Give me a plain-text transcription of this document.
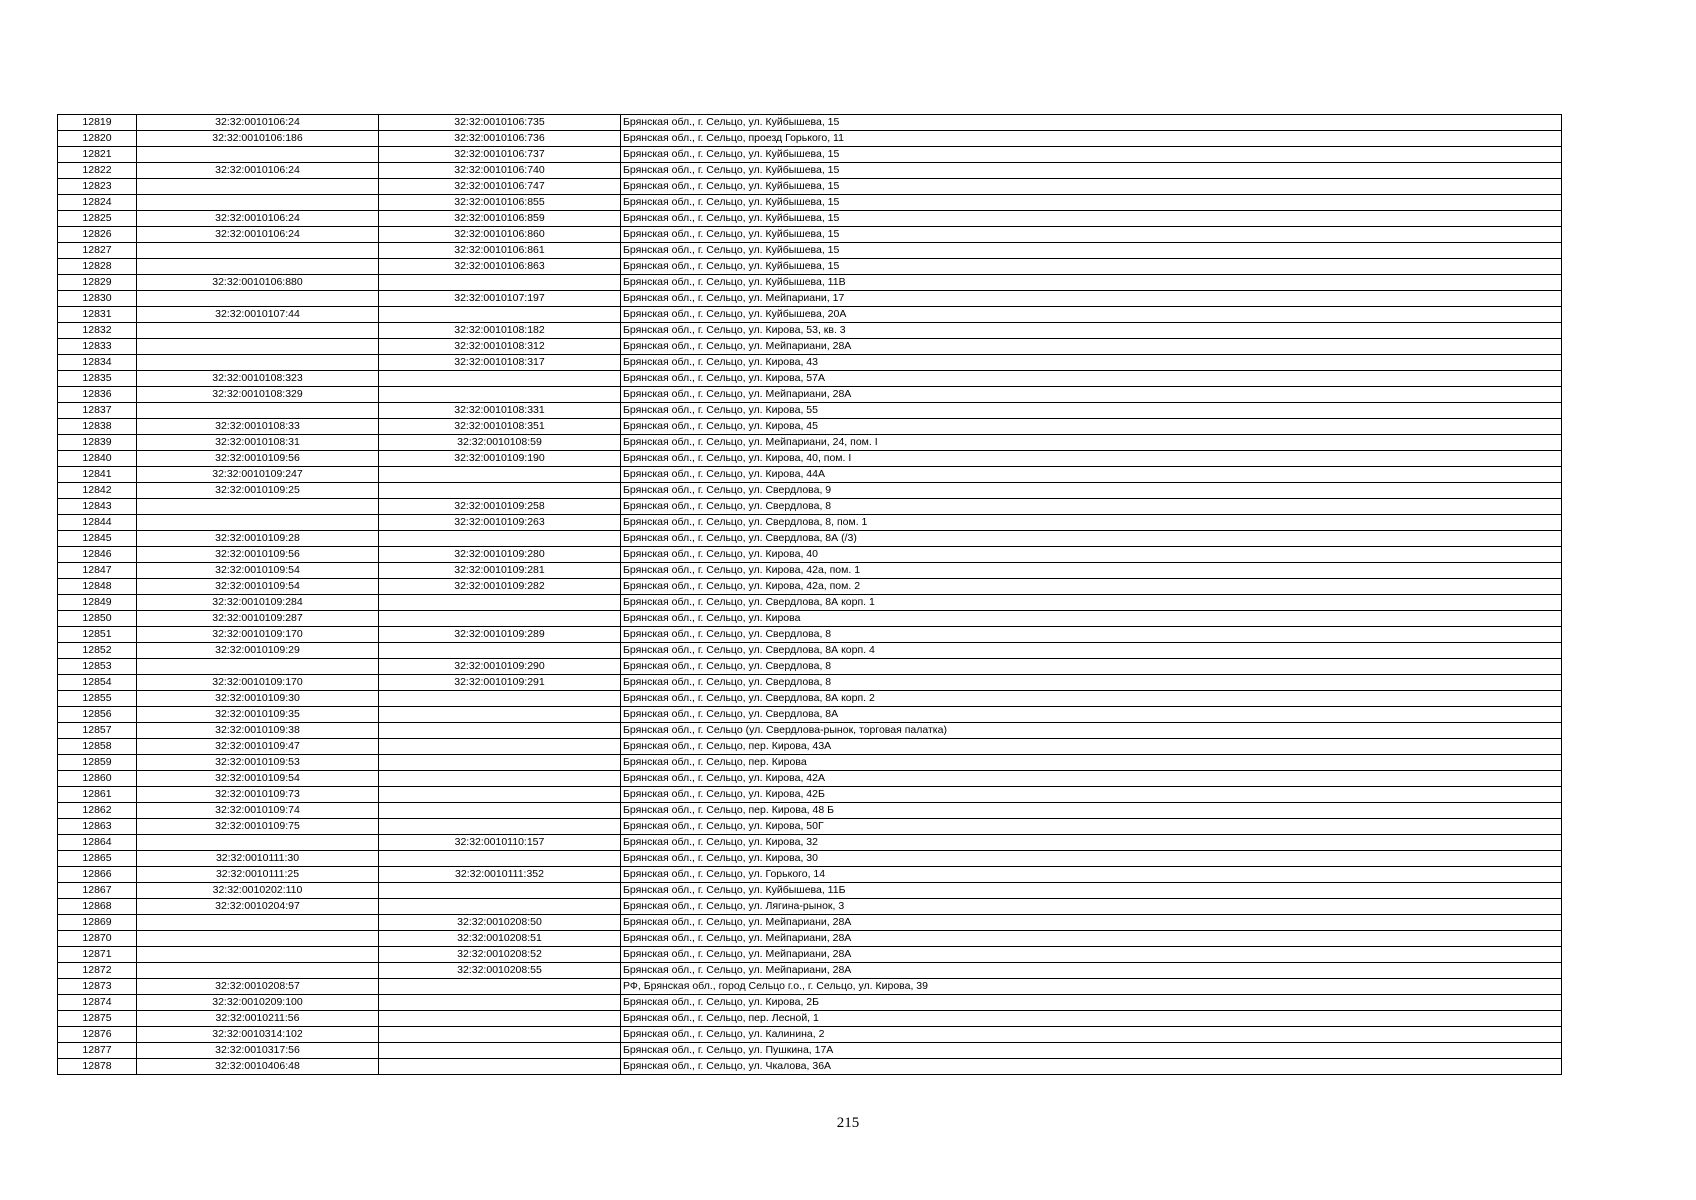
12819	32:32:0010106:24	32:32:0010106:735	Брянская обл., г. Сельцо, ул. Куйбышева, 15
12820	32:32:0010106:186	32:32:0010106:736	Брянская обл., г. Сельцо, проезд Горького, 11
12821		32:32:0010106:737	Брянская обл., г. Сельцо, ул. Куйбышева, 15
12822	32:32:0010106:24	32:32:0010106:740	Брянская обл., г. Сельцо, ул. Куйбышева, 15
12823		32:32:0010106:747	Брянская обл., г. Сельцо, ул. Куйбышева, 15
12824		32:32:0010106:855	Брянская обл., г. Сельцо, ул. Куйбышева, 15
12825	32:32:0010106:24	32:32:0010106:859	Брянская обл., г. Сельцо, ул. Куйбышева, 15
12826	32:32:0010106:24	32:32:0010106:860	Брянская обл., г. Сельцо, ул. Куйбышева, 15
12827		32:32:0010106:861	Брянская обл., г. Сельцо, ул. Куйбышева, 15
12828		32:32:0010106:863	Брянская обл., г. Сельцо, ул. Куйбышева, 15
12829	32:32:0010106:880		Брянская обл., г. Сельцо, ул. Куйбышева, 11В
12830		32:32:0010107:197	Брянская обл., г. Сельцо, ул. Мейпариани, 17
12831	32:32:0010107:44		Брянская обл., г. Сельцо, ул. Куйбышева, 20А
12832		32:32:0010108:182	Брянская обл., г. Сельцо, ул. Кирова, 53, кв. 3
12833		32:32:0010108:312	Брянская обл., г. Сельцо, ул. Мейпариани, 28А
12834		32:32:0010108:317	Брянская обл., г. Сельцо, ул. Кирова, 43
12835	32:32:0010108:323		Брянская обл., г. Сельцо, ул. Кирова, 57А
12836	32:32:0010108:329		Брянская обл., г. Сельцо, ул. Мейпариани, 28А
12837		32:32:0010108:331	Брянская обл., г. Сельцо, ул. Кирова, 55
12838	32:32:0010108:33	32:32:0010108:351	Брянская обл., г. Сельцо, ул. Кирова, 45
12839	32:32:0010108:31	32:32:0010108:59	Брянская обл., г. Сельцо, ул. Мейпариани, 24, пом. I
12840	32:32:0010109:56	32:32:0010109:190	Брянская обл., г. Сельцо, ул. Кирова, 40, пом. I
12841	32:32:0010109:247		Брянская обл., г. Сельцо, ул. Кирова, 44А
12842	32:32:0010109:25		Брянская обл., г. Сельцо, ул. Свердлова, 9
12843		32:32:0010109:258	Брянская обл., г. Сельцо, ул. Свердлова, 8
12844		32:32:0010109:263	Брянская обл., г. Сельцо, ул. Свердлова, 8, пом. 1
12845	32:32:0010109:28		Брянская обл., г. Сельцо, ул. Свердлова, 8А (/3)
12846	32:32:0010109:56	32:32:0010109:280	Брянская обл., г. Сельцо, ул. Кирова, 40
12847	32:32:0010109:54	32:32:0010109:281	Брянская обл., г. Сельцо, ул. Кирова, 42а, пом. 1
12848	32:32:0010109:54	32:32:0010109:282	Брянская обл., г. Сельцо, ул. Кирова, 42а, пом. 2
12849	32:32:0010109:284		Брянская обл., г. Сельцо, ул. Свердлова, 8А корп. 1
12850	32:32:0010109:287		Брянская обл., г. Сельцо, ул. Кирова
12851	32:32:0010109:170	32:32:0010109:289	Брянская обл., г. Сельцо, ул. Свердлова, 8
12852	32:32:0010109:29		Брянская обл., г. Сельцо, ул. Свердлова, 8А корп. 4
12853		32:32:0010109:290	Брянская обл., г. Сельцо, ул. Свердлова, 8
12854	32:32:0010109:170	32:32:0010109:291	Брянская обл., г. Сельцо, ул. Свердлова, 8
12855	32:32:0010109:30		Брянская обл., г. Сельцо, ул. Свердлова, 8А корп. 2
12856	32:32:0010109:35		Брянская обл., г. Сельцо, ул. Свердлова, 8А
12857	32:32:0010109:38		Брянская обл., г. Сельцо (ул. Свердлова-рынок, торговая палатка)
12858	32:32:0010109:47		Брянская обл., г. Сельцо, пер. Кирова, 43А
12859	32:32:0010109:53		Брянская обл., г. Сельцо, пер. Кирова
12860	32:32:0010109:54		Брянская обл., г. Сельцо, ул. Кирова, 42А
12861	32:32:0010109:73		Брянская обл., г. Сельцо, ул. Кирова, 42Б
12862	32:32:0010109:74		Брянская обл., г. Сельцо, пер. Кирова, 48 Б
12863	32:32:0010109:75		Брянская обл., г. Сельцо, ул. Кирова, 50Г
12864		32:32:0010110:157	Брянская обл., г. Сельцо, ул. Кирова, 32
12865	32:32:0010111:30		Брянская обл., г. Сельцо, ул. Кирова, 30
12866	32:32:0010111:25	32:32:0010111:352	Брянская обл., г. Сельцо, ул. Горького, 14
12867	32:32:0010202:110		Брянская обл., г. Сельцо, ул. Куйбышева, 11Б
12868	32:32:0010204:97		Брянская обл., г. Сельцо, ул. Лягина-рынок, 3
12869		32:32:0010208:50	Брянская обл., г. Сельцо, ул. Мейпариани, 28А
12870		32:32:0010208:51	Брянская обл., г. Сельцо, ул. Мейпариани, 28А
12871		32:32:0010208:52	Брянская обл., г. Сельцо, ул. Мейпариани, 28А
12872		32:32:0010208:55	Брянская обл., г. Сельцо, ул. Мейпариани, 28А
12873	32:32:0010208:57		РФ, Брянская обл., город Сельцо г.о., г. Сельцо, ул. Кирова, 39
12874	32:32:0010209:100		Брянская обл., г. Сельцо, ул. Кирова, 2Б
12875	32:32:0010211:56		Брянская обл., г. Сельцо, пер. Лесной, 1
12876	32:32:0010314:102		Брянская обл., г. Сельцо, ул. Калинина, 2
12877	32:32:0010317:56		Брянская обл., г. Сельцо, ул. Пушкина, 17А
12878	32:32:0010406:48		Брянская обл., г. Сельцо, ул. Чкалова, 36А
215
